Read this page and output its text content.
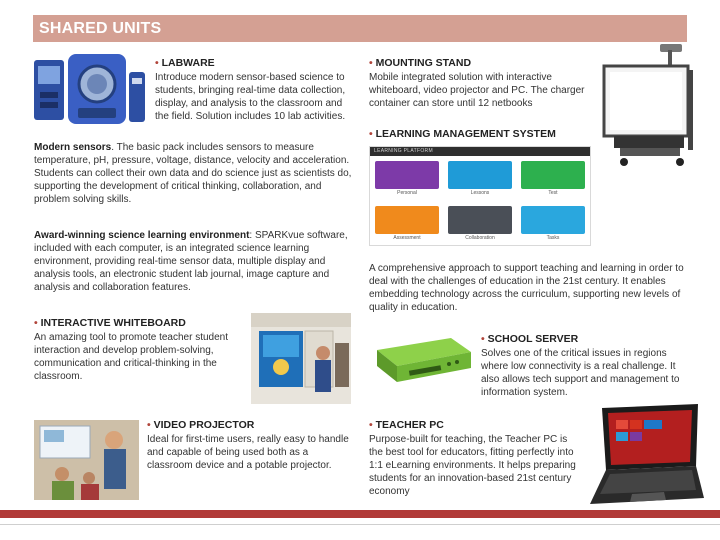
SHARED UNITS
• LABWARE
Introduce modern sensor-based science to students, bringing real-time data collection, display, and analysis to the classroom and the field. Solution includes 10 lab activities.
Modern sensors. The basic pack includes sensors to measure temperature, pH, pressure, voltage, distance, velocity and acceleration. Students can collect their own data and do science just as scientists do, supporting the development of critical thinking, collaboration, and problem solving skills.
Award-winning science learning environment: SPARKvue software, included with each computer, is an integrated science learning environment, providing real-time sensor data, multiple display and analysis tools, an electronic student lab journal, image capture and analysis and collaboration features.
• INTERACTIVE WHITEBOARD
An amazing tool to promote teacher student interaction and develop problem-solving, communication and critical-thinking in the classroom.
• VIDEO PROJECTOR
Ideal for first-time users, really easy to handle and capable of being used both as a classroom device and a potable projector.
• MOUNTING STAND
Mobile integrated solution with interactive whiteboard, video projector and PC. The charger container can store until 12 netbooks
• LEARNING MANAGEMENT SYSTEM
LEARNING PLATFORM
Personal	Lessons	Test
Assessment	Collaboration	Tasks
A comprehensive approach to support teaching and learning in order to deal with the challenges of education in the 21st century. It enables embedding technology across the curriculum, supporting new levels of quality in education.
• SCHOOL SERVER
Solves one of the critical issues in regions where low connectivity is a real challenge. It also allows tech support and management to information system.
• TEACHER PC
Purpose-built for teaching, the Teacher PC is the best tool for educators, fitting perfectly into 1:1 eLearning environments. It helps preparing students for an innovation-based 21st century economy
